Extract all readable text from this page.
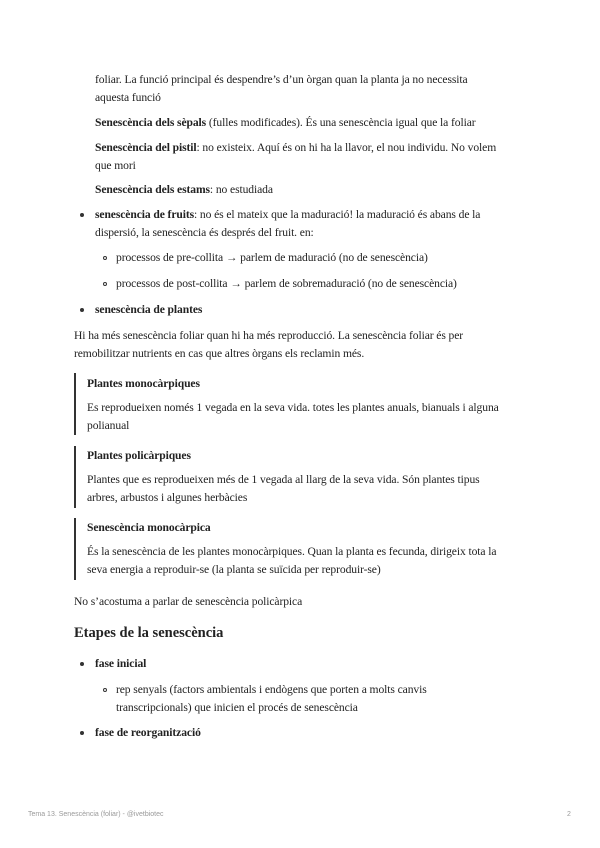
foliar. La funció principal és despendre’s d’un òrgan quan la planta ja no necessita

aquesta funció

Senescència dels sèpals (fulles modificades). És una senescència igual que la foliar

Senescència del pistil: no existeix. Aquí és on hi ha la llavor, el nou individu. No volem

que mori

Senescència dels estams: no estudiada

senescència de fruits: no és el mateix que la maduració! la maduració és abans de la

dispersió, la senescència és després del fruit. en:

processos de pre-collita → parlem de maduració (no de senescència)

processos de post-collita → parlem de sobremaduració (no de senescència)

senescència de plantes

Hi ha més senescència foliar quan hi ha més reproducció. La senescència foliar és per

remobilitzar nutrients en cas que altres òrgans els reclamin més.

Plantes monocàrpiques

Es reprodueixen només 1 vegada en la seva vida. totes les plantes anuals, bianuals i alguna

polianual

Plantes policàrpiques

Plantes que es reprodueixen més de 1 vegada al llarg de la seva vida. Són plantes tipus

arbres, arbustos i algunes herbàcies

Senescència monocàrpica

És la senescència de les plantes monocàrpiques. Quan la planta es fecunda, dirigeix tota la

seva energia a reproduir-se (la planta se suïcida per reproduir-se)

No s’acostuma a parlar de senescència policàrpica

Etapes de la senescència

fase inicial

rep senyals (factors ambientals i endògens que porten a molts canvis

transcripcionals) que inicien el procés de senescència

fase de reorganització

Tema 13. Senescència (foliar) - @ivetbiotec	2
